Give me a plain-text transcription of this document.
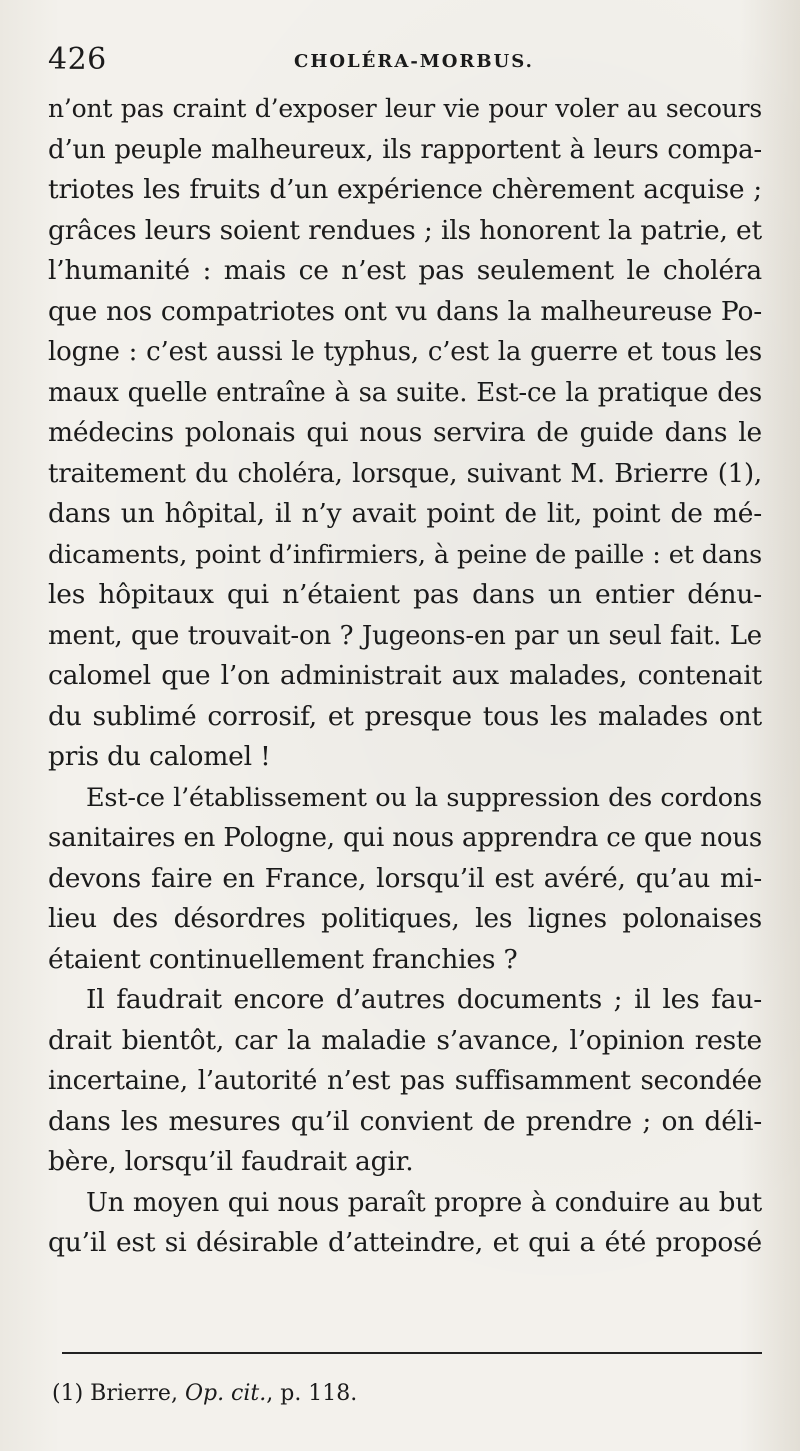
426	CHOLÉRA-MORBUS.
n’ont pas craint d’exposer leur vie pour voler au secours
d’un peuple malheureux, ils rapportent à leurs compa-
triotes les fruits d’un expérience chèrement acquise ;
grâces leurs soient rendues ; ils honorent la patrie, et
l’humanité : mais ce n’est pas seulement le choléra
que nos compatriotes ont vu dans la malheureuse Po-
logne : c’est aussi le typhus, c’est la guerre et tous les
maux quelle entraîne à sa suite. Est-ce la pratique des
médecins polonais qui nous servira de guide dans le
traitement du choléra, lorsque, suivant M. Brierre (1),
dans un hôpital, il n’y avait point de lit, point de mé-
dicaments, point d’infirmiers, à peine de paille : et dans
les hôpitaux qui n’étaient pas dans un entier dénu-
ment, que trouvait-on ? Jugeons-en par un seul fait. Le
calomel que l’on administrait aux malades, contenait
du sublimé corrosif, et presque tous les malades ont
pris du calomel !
Est-ce l’établissement ou la suppression des cordons
sanitaires en Pologne, qui nous apprendra ce que nous
devons faire en France, lorsqu’il est avéré, qu’au mi-
lieu des désordres politiques, les lignes polonaises
étaient continuellement franchies ?
Il faudrait encore d’autres documents ; il les fau-
drait bientôt, car la maladie s’avance, l’opinion reste
incertaine, l’autorité n’est pas suffisamment secondée
dans les mesures qu’il convient de prendre ; on déli-
bère, lorsqu’il faudrait agir.
Un moyen qui nous paraît propre à conduire au but
qu’il est si désirable d’atteindre, et qui a été proposé
(1) Brierre, Op. cit., p. 118.
